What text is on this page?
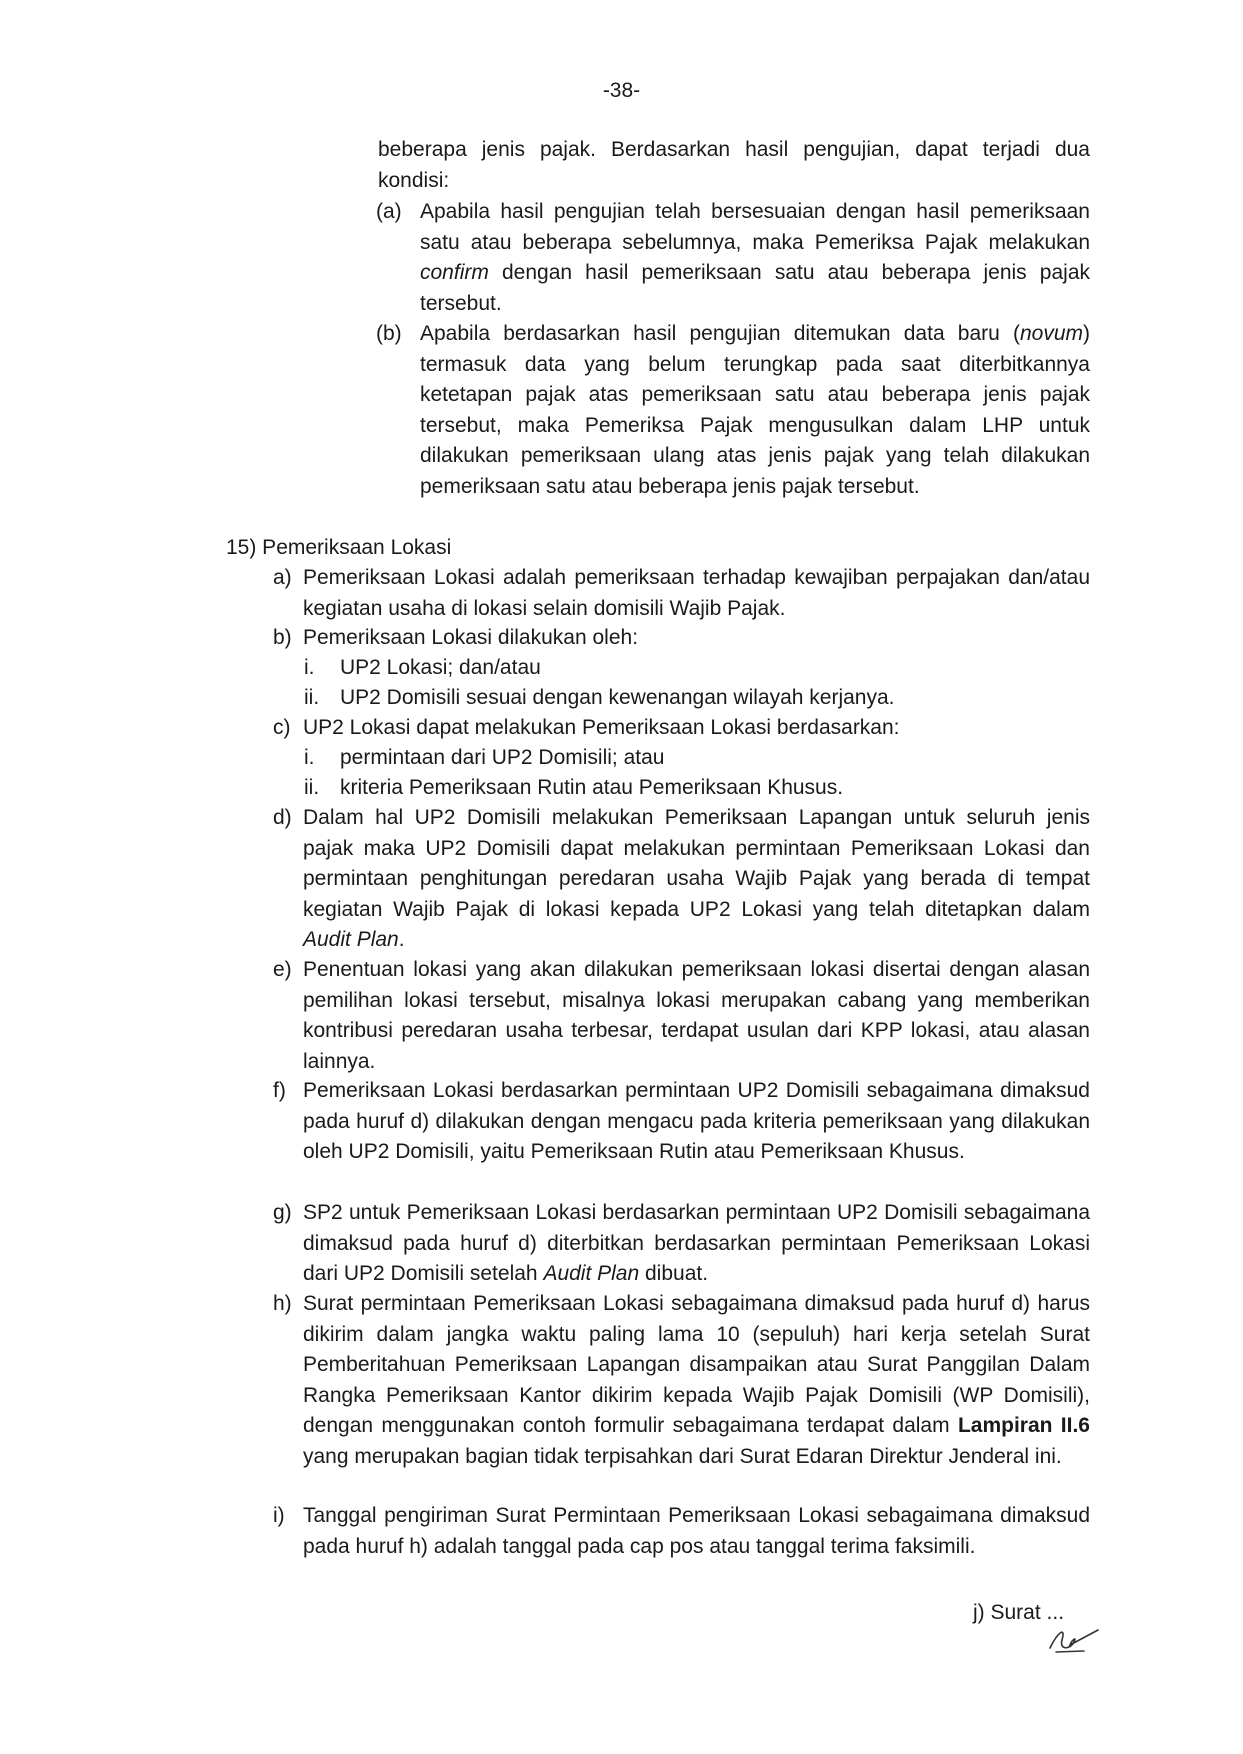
-38-

beberapa jenis pajak. Berdasarkan hasil pengujian, dapat terjadi dua kondisi:

(a) Apabila hasil pengujian telah bersesuaian dengan hasil pemeriksaan satu atau beberapa sebelumnya, maka Pemeriksa Pajak melakukan confirm dengan hasil pemeriksaan satu atau beberapa jenis pajak tersebut.
(b) Apabila berdasarkan hasil pengujian ditemukan data baru (novum) termasuk data yang belum terungkap pada saat diterbitkannya ketetapan pajak atas pemeriksaan satu atau beberapa jenis pajak tersebut, maka Pemeriksa Pajak mengusulkan dalam LHP untuk dilakukan pemeriksaan ulang atas jenis pajak yang telah dilakukan pemeriksaan satu atau beberapa jenis pajak tersebut.
15) Pemeriksaan Lokasi
a) Pemeriksaan Lokasi adalah pemeriksaan terhadap kewajiban perpajakan dan/atau kegiatan usaha di lokasi selain domisili Wajib Pajak.
b) Pemeriksaan Lokasi dilakukan oleh:
i.	UP2 Lokasi; dan/atau
ii. UP2 Domisili sesuai dengan kewenangan wilayah kerjanya.
c) UP2 Lokasi dapat melakukan Pemeriksaan Lokasi berdasarkan:
i.	permintaan dari UP2 Domisili; atau
ii. kriteria Pemeriksaan Rutin atau Pemeriksaan Khusus.
d) Dalam hal UP2 Domisili melakukan Pemeriksaan Lapangan untuk seluruh jenis pajak maka UP2 Domisili dapat melakukan permintaan Pemeriksaan Lokasi dan permintaan penghitungan peredaran usaha Wajib Pajak yang berada di tempat kegiatan Wajib Pajak di lokasi kepada UP2 Lokasi yang telah ditetapkan dalam Audit Plan.
e) Penentuan lokasi yang akan dilakukan pemeriksaan lokasi disertai dengan alasan pemilihan lokasi tersebut, misalnya lokasi merupakan cabang yang memberikan kontribusi peredaran usaha terbesar, terdapat usulan dari KPP lokasi, atau alasan lainnya.
f) Pemeriksaan Lokasi berdasarkan permintaan UP2 Domisili sebagaimana dimaksud pada huruf d) dilakukan dengan mengacu pada kriteria pemeriksaan yang dilakukan oleh UP2 Domisili, yaitu Pemeriksaan Rutin atau Pemeriksaan Khusus.
g) SP2 untuk Pemeriksaan Lokasi berdasarkan permintaan UP2 Domisili sebagaimana dimaksud pada huruf d) diterbitkan berdasarkan permintaan Pemeriksaan Lokasi dari UP2 Domisili setelah Audit Plan dibuat.
h) Surat permintaan Pemeriksaan Lokasi sebagaimana dimaksud pada huruf d) harus dikirim dalam jangka waktu paling lama 10 (sepuluh) hari kerja setelah Surat Pemberitahuan Pemeriksaan Lapangan disampaikan atau Surat Panggilan Dalam Rangka Pemeriksaan Kantor dikirim kepada Wajib Pajak Domisili (WP Domisili), dengan menggunakan contoh formulir sebagaimana terdapat dalam Lampiran II.6 yang merupakan bagian tidak terpisahkan dari Surat Edaran Direktur Jenderal ini.
i) Tanggal pengiriman Surat Permintaan Pemeriksaan Lokasi sebagaimana dimaksud pada huruf h) adalah tanggal pada cap pos atau tanggal terima faksimili.
j) Surat ...
